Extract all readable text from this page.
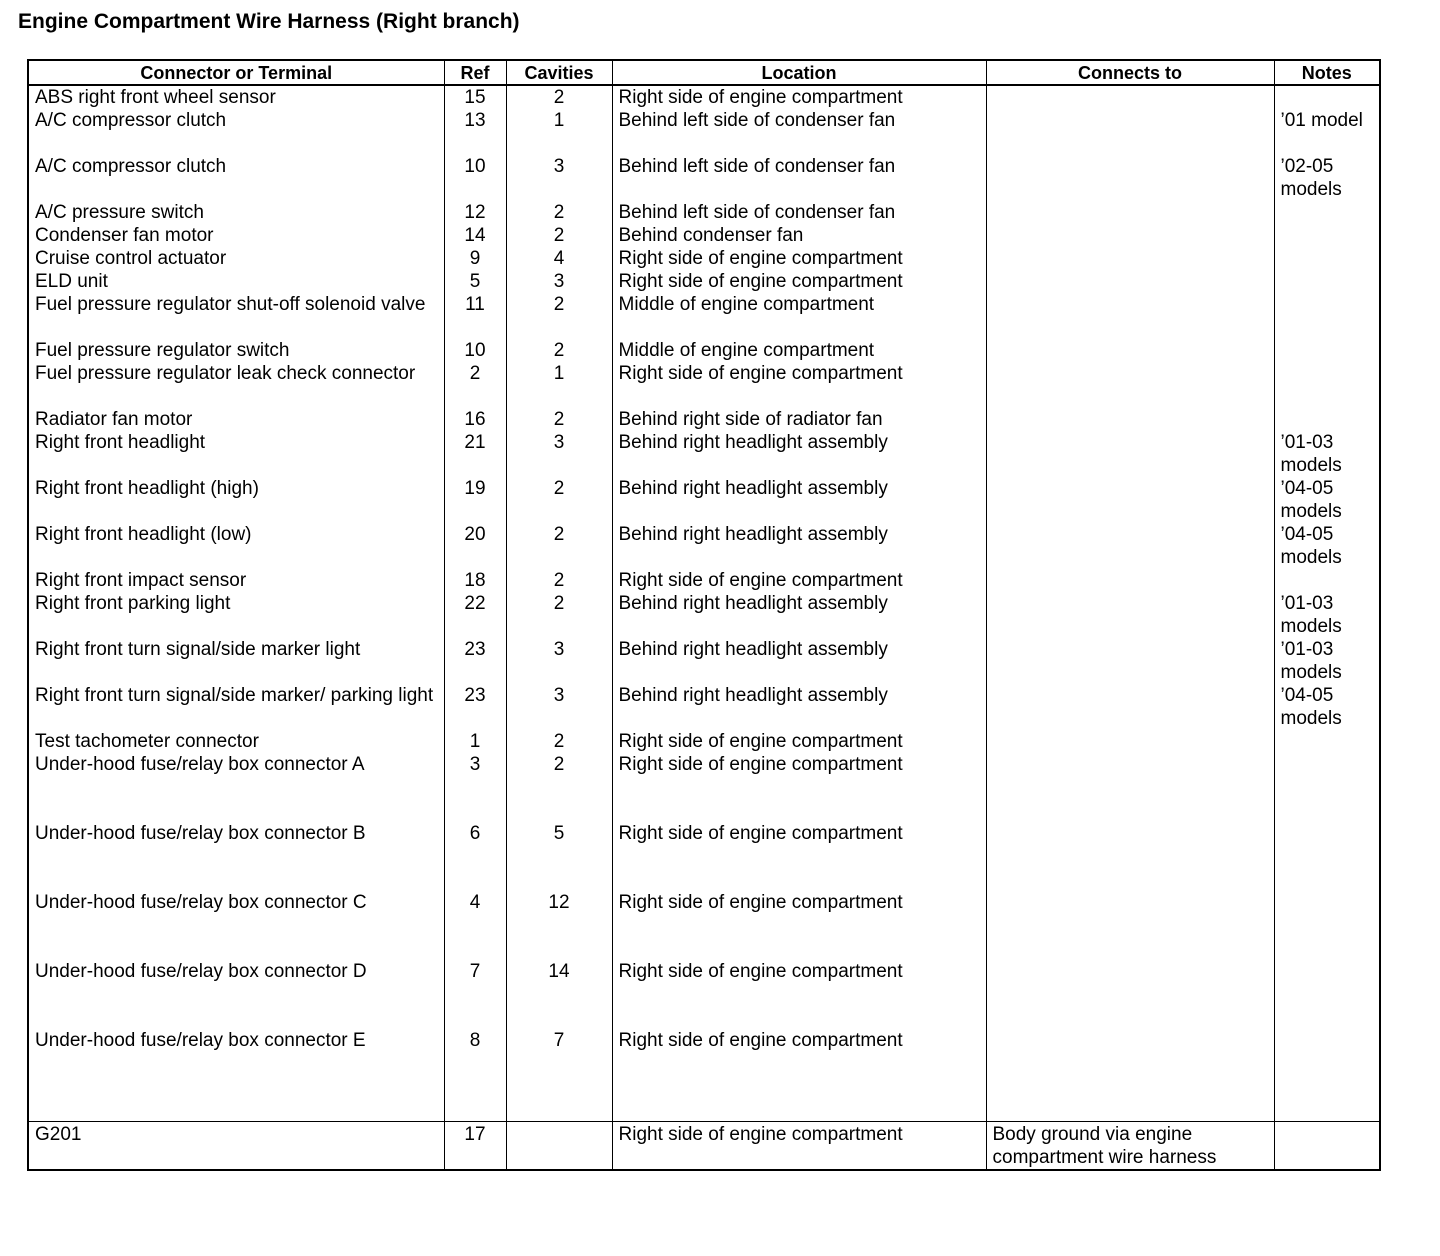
Engine Compartment Wire Harness (Right branch)
Connector or Terminal	Ref	Cavities	Location	Connects to	Notes
ABS right front wheel sensor	15	2	Right side of engine compartment		
A/C compressor clutch	13	1	Behind left side of condenser fan		’01 model
A/C compressor clutch	10	3	Behind left side of condenser fan		’02-05 models
A/C pressure switch	12	2	Behind left side of condenser fan		
Condenser fan motor	14	2	Behind condenser fan		
Cruise control actuator	9	4	Right side of engine compartment		
ELD unit	5	3	Right side of engine compartment		
Fuel pressure regulator shut-off solenoid valve	11	2	Middle of engine compartment		
Fuel pressure regulator switch	10	2	Middle of engine compartment		
Fuel pressure regulator leak check connector	2	1	Right side of engine compartment		
Radiator fan motor	16	2	Behind right side of radiator fan		
Right front headlight	21	3	Behind right headlight assembly		’01-03 models
Right front headlight (high)	19	2	Behind right headlight assembly		’04-05 models
Right front headlight (low)	20	2	Behind right headlight assembly		’04-05 models
Right front impact sensor	18	2	Right side of engine compartment		
Right front parking light	22	2	Behind right headlight assembly		’01-03 models
Right front turn signal/side marker light	23	3	Behind right headlight assembly		’01-03 models
Right front turn signal/side marker/ parking light	23	3	Behind right headlight assembly		’04-05 models
Test tachometer connector	1	2	Right side of engine compartment		
Under-hood fuse/relay box connector A	3	2	Right side of engine compartment		
Under-hood fuse/relay box connector B	6	5	Right side of engine compartment		
Under-hood fuse/relay box connector C	4	12	Right side of engine compartment		
Under-hood fuse/relay box connector D	7	14	Right side of engine compartment		
Under-hood fuse/relay box connector E	8	7	Right side of engine compartment		
G201	17		Right side of engine compartment	Body ground via engine compartment wire harness	
